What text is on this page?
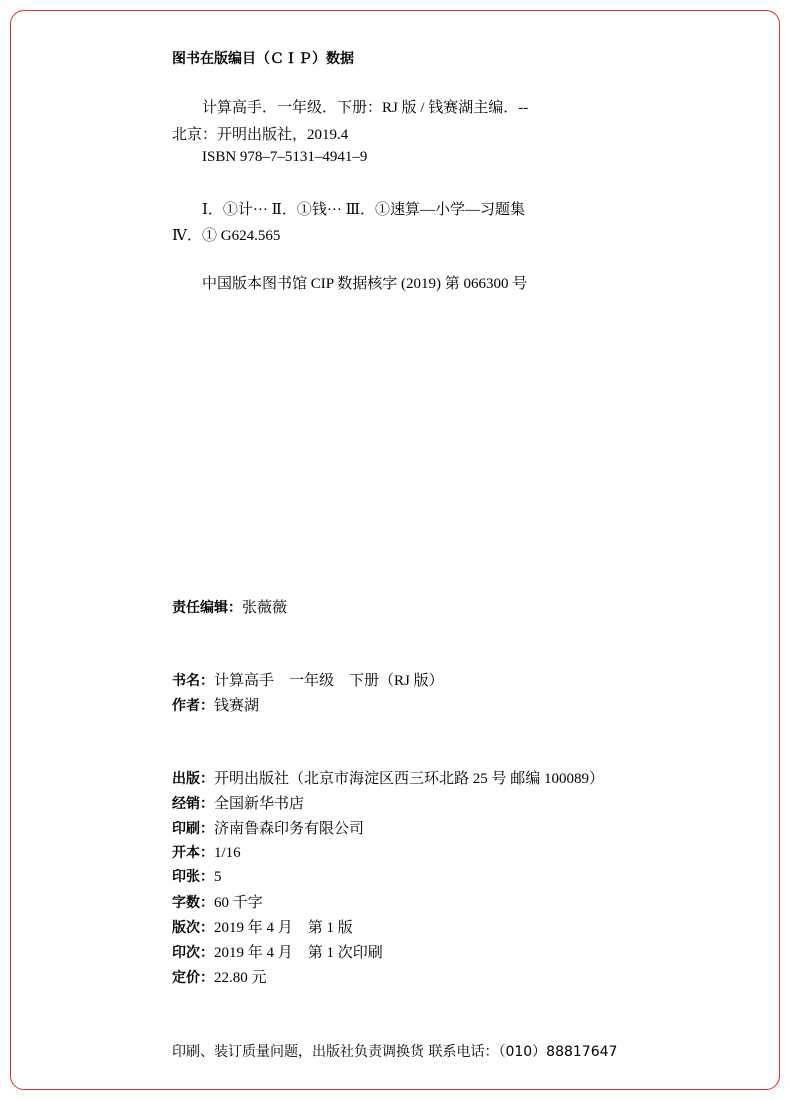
图书在版编目（ＣＩＰ）数据
计算高手．一年级．下册：RJ 版 / 钱赛湖主编．--
北京：开明出版社，2019.4
ISBN 978–7–5131–4941–9
Ⅰ．①计··· Ⅱ．①钱··· Ⅲ．①速算—小学—习题集
Ⅳ．① G624.565
中国版本图书馆 CIP 数据核字 (2019) 第 066300 号
责任编辑：张薇薇
书名：计算高手　一年级　下册（RJ 版）
作者：钱赛湖
出版：开明出版社（北京市海淀区西三环北路 25 号 邮编 100089）
经销：全国新华书店
印刷：济南鲁森印务有限公司
开本：1/16
印张：5
字数：60 千字
版次：2019 年 4 月　第 1 版
印次：2019 年 4 月　第 1 次印刷
定价：22.80 元
印刷、装订质量问题，出版社负责调换货 联系电话：（010）88817647
